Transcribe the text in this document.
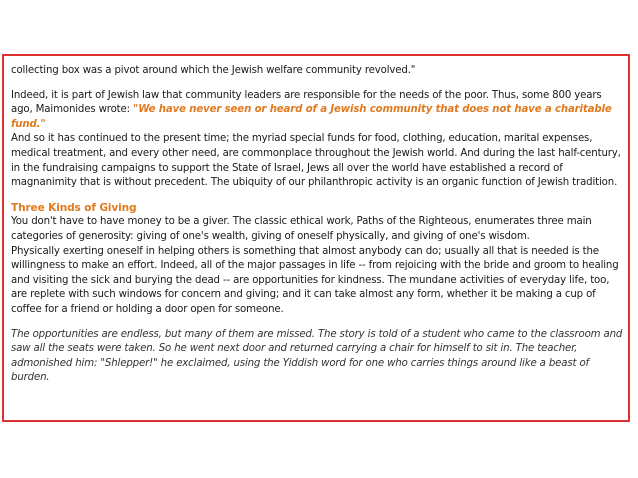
collecting box was a pivot around which the Jewish welfare community revolved."

Indeed, it is part of Jewish law that community leaders are responsible for the needs of the poor. Thus, some 800 years ago, Maimonides wrote: "We have never seen or heard of a Jewish community that does not have a charitable fund."

And so it has continued to the present time; the myriad special funds for food, clothing, education, marital expenses, medical treatment, and every other need, are commonplace throughout the Jewish world. And during the last half-century, in the fundraising campaigns to support the State of Israel, Jews all over the world have established a record of magnanimity that is without precedent. The ubiquity of our philanthropic activity is an organic function of Jewish tradition.

Three Kinds of Giving

You don't have to have money to be a giver. The classic ethical work, Paths of the Righteous, enumerates three main categories of generosity: giving of one's wealth, giving of oneself physically, and giving of one's wisdom.

Physically exerting oneself in helping others is something that almost anybody can do; usually all that is needed is the willingness to make an effort. Indeed, all of the major passages in life -- from rejoicing with the bride and groom to healing and visiting the sick and burying the dead -- are opportunities for kindness. The mundane activities of everyday life, too, are replete with such windows for concern and giving; and it can take almost any form, whether it be making a cup of coffee for a friend or holding a door open for someone.

The opportunities are endless, but many of them are missed. The story is told of a student who came to the classroom and saw all the seats were taken. So he went next door and returned carrying a chair for himself to sit in. The teacher, admonished him: "Shlepper!" he exclaimed, using the Yiddish word for one who carries things around like a beast of burden.
